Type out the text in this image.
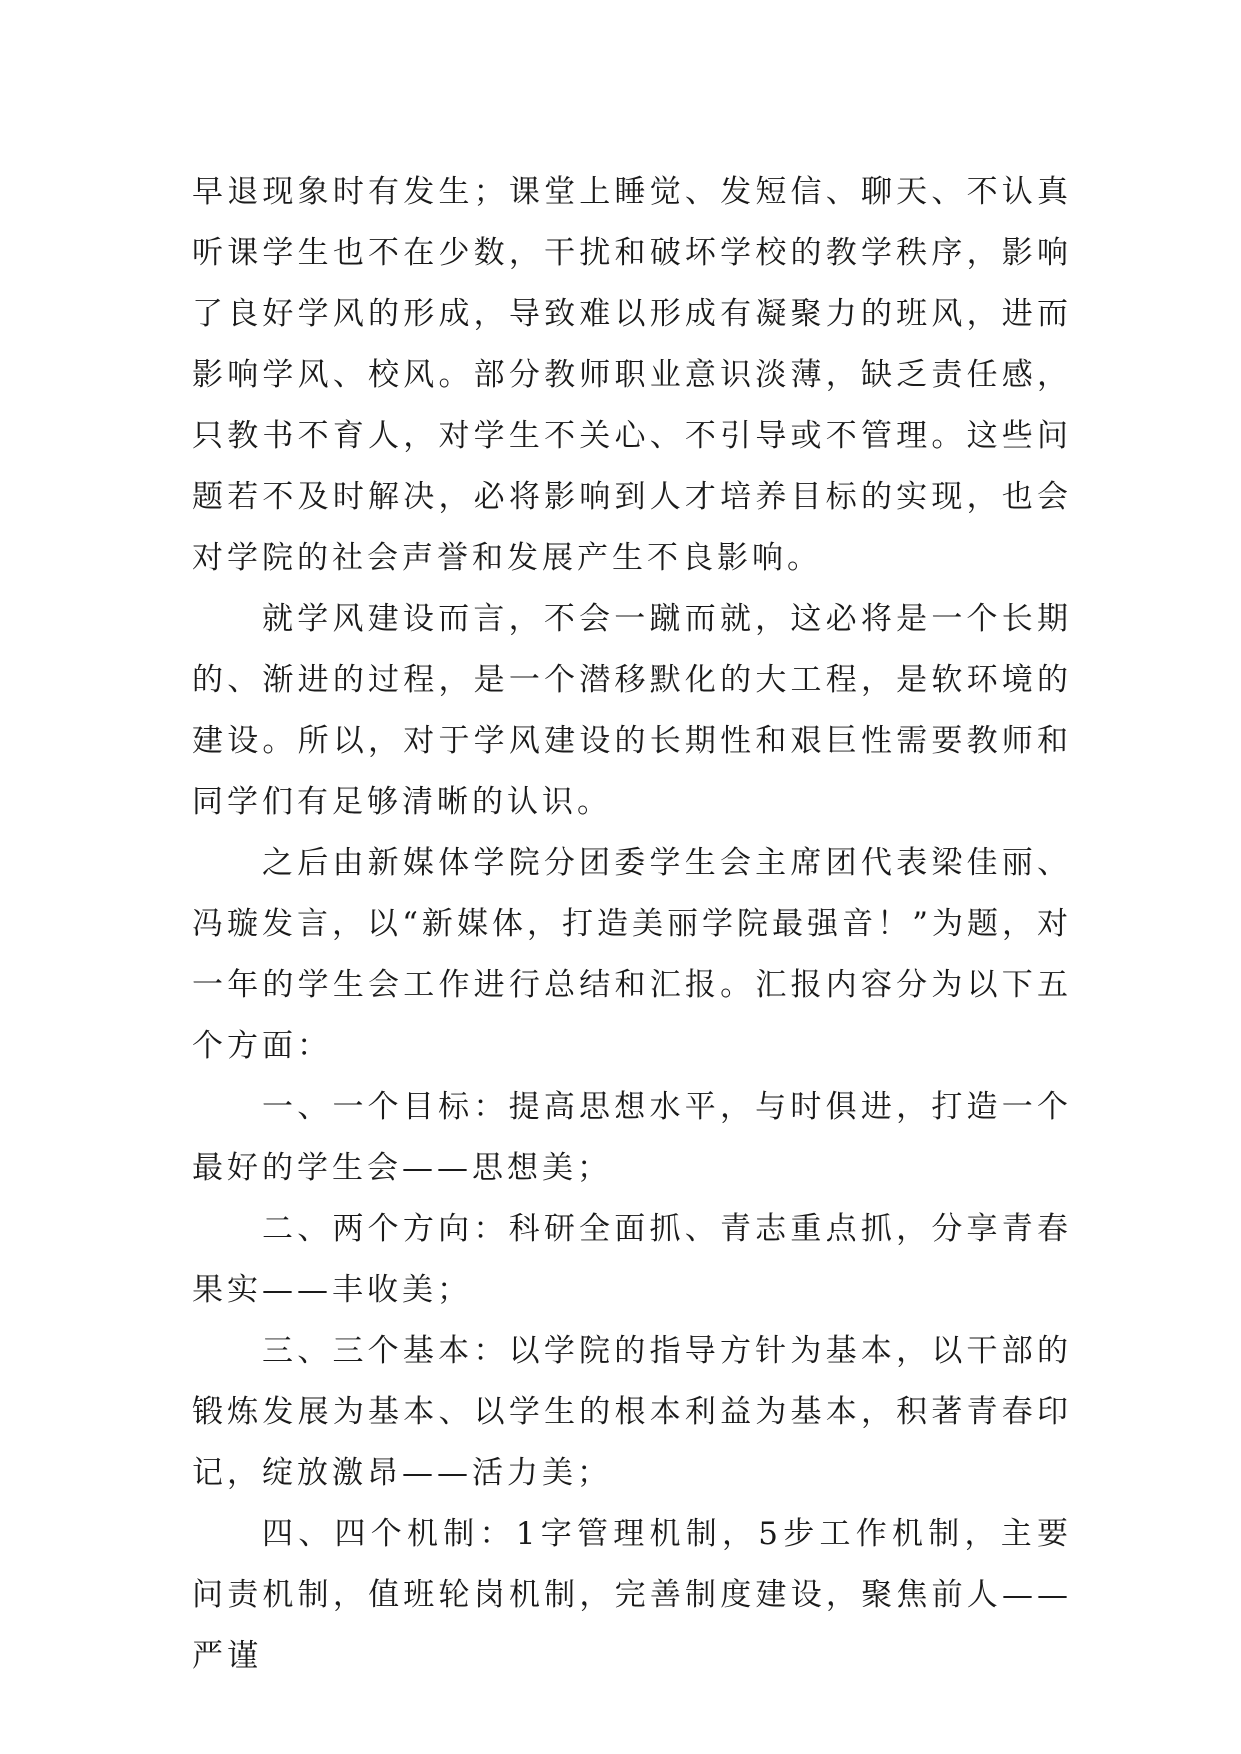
早退现象时有发生；课堂上睡觉、发短信、聊天、不认真听课学生也不在少数，干扰和破坏学校的教学秩序，影响了良好学风的形成，导致难以形成有凝聚力的班风，进而影响学风、校风。部分教师职业意识淡薄，缺乏责任感，只教书不育人，对学生不关心、不引导或不管理。这些问题若不及时解决，必将影响到人才培养目标的实现，也会对学院的社会声誉和发展产生不良影响。

就学风建设而言，不会一蹴而就，这必将是一个长期的、渐进的过程，是一个潜移默化的大工程，是软环境的建设。所以，对于学风建设的长期性和艰巨性需要教师和同学们有足够清晰的认识。

之后由新媒体学院分团委学生会主席团代表梁佳丽、冯璇发言，以“新媒体，打造美丽学院最强音！”为题，对一年的学生会工作进行总结和汇报。汇报内容分为以下五个方面：

一、一个目标：提高思想水平，与时俱进，打造一个最好的学生会——思想美；

二、两个方向：科研全面抓、青志重点抓，分享青春果实——丰收美；

三、三个基本：以学院的指导方针为基本，以干部的锻炼发展为基本、以学生的根本利益为基本，积著青春印记，绽放激昂——活力美；

四、四个机制：1字管理机制，5步工作机制，主要问责机制，值班轮岗机制，完善制度建设，聚焦前人——严谨
